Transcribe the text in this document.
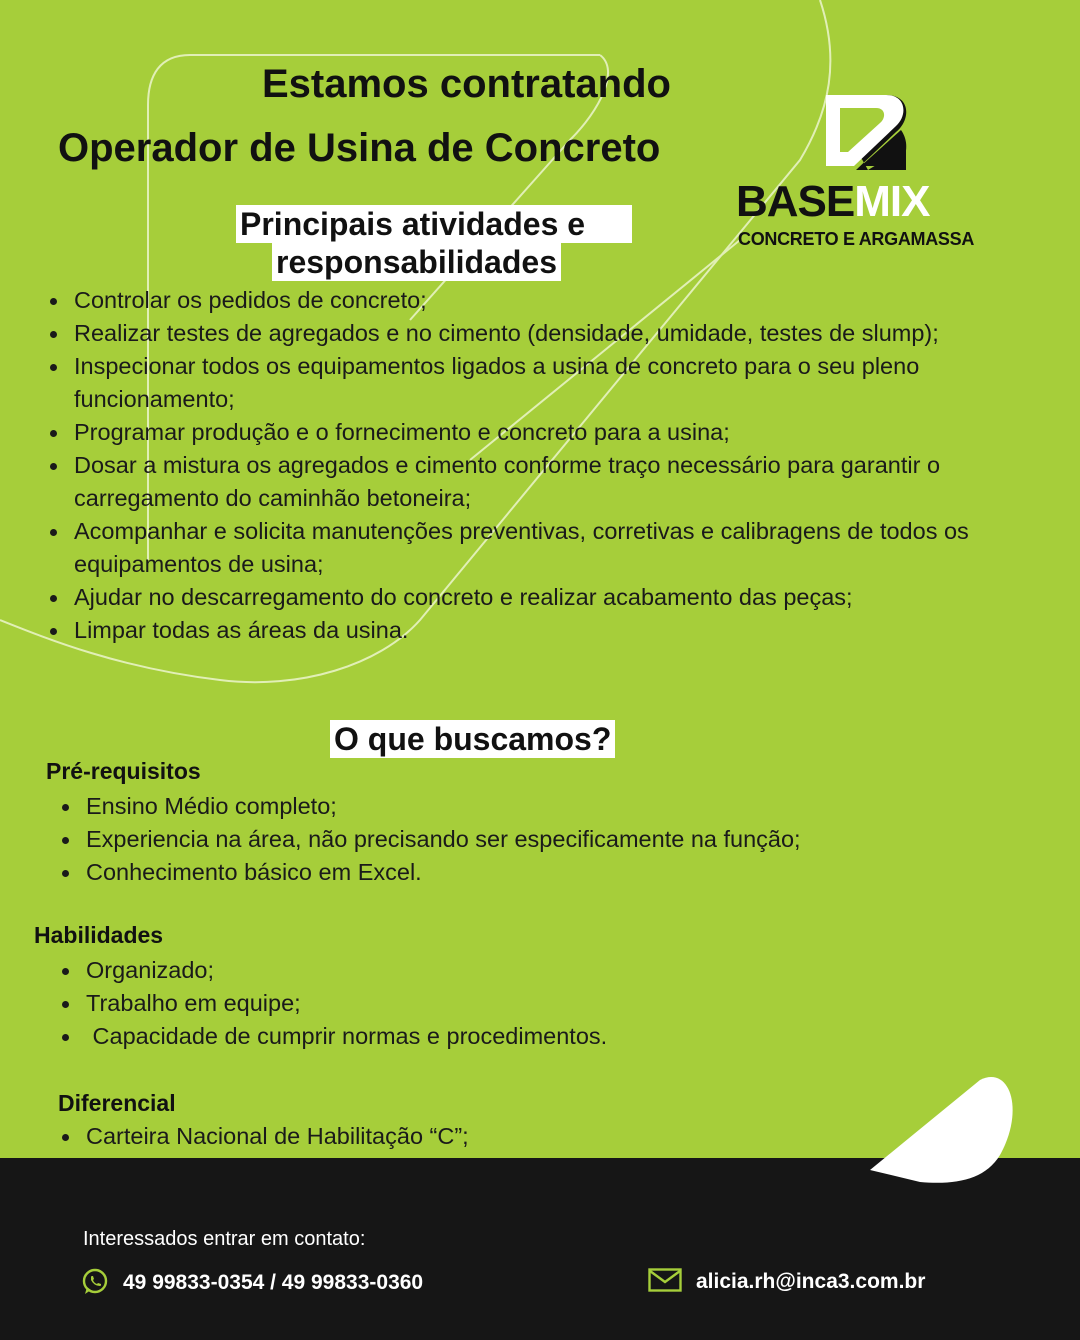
Estamos contratando
Operador de Usina de Concreto
BASEMIX
CONCRETO E ARGAMASSA
Principais atividades e
responsabilidades
Controlar os pedidos de concreto;
Realizar testes de agregados e no cimento (densidade, umidade, testes de slump);
Inspecionar todos os equipamentos ligados a usina de concreto para o seu pleno funcionamento;
Programar produção e o fornecimento e concreto para a usina;
Dosar a mistura os agregados e cimento conforme traço necessário para garantir o carregamento do caminhão betoneira;
Acompanhar e solicita manutenções preventivas, corretivas e calibragens de todos os equipamentos de usina;
Ajudar no descarregamento do concreto e realizar acabamento das peças;
Limpar todas as áreas da usina.
O que buscamos?
Pré-requisitos
Ensino Médio completo;
Experiencia na área, não precisando ser especificamente na função;
Conhecimento básico em Excel.
Habilidades
Organizado;
Trabalho em equipe;
Capacidade de cumprir normas e procedimentos.
Diferencial
Carteira Nacional de Habilitação “C”;
Interessados entrar em contato:
49 99833-0354 / 49 99833-0360	alicia.rh@inca3.com.br
